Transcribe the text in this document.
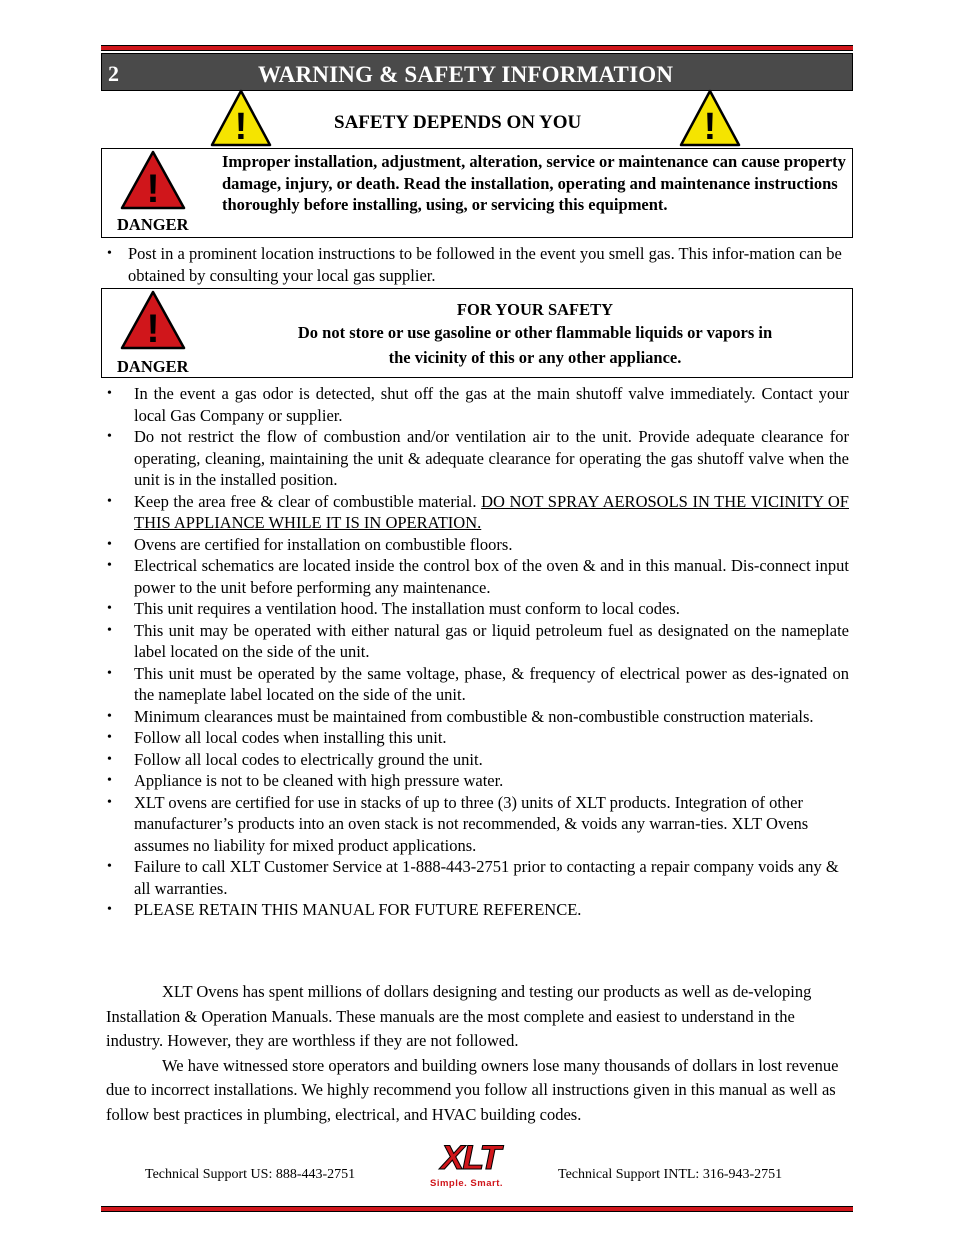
2	WARNING & SAFETY INFORMATION
!	SAFETY DEPENDS ON YOU	!
!
DANGER
Improper installation, adjustment, alteration, service or maintenance can cause property damage, injury, or death. Read the installation, operating and maintenance instructions thoroughly before installing, using, or servicing this equipment.
• Post in a prominent location instructions to be followed in the event you smell gas. This infor-mation can be obtained by consulting your local gas supplier.
!
DANGER
FOR YOUR SAFETY
Do not store or use gasoline or other flammable liquids or vapors in
the vicinity of this or any other appliance.
• In the event a gas odor is detected, shut off the gas at the main shutoff valve immediately. Contact your local Gas Company or supplier.
• Do not restrict the flow of combustion and/or ventilation air to the unit. Provide adequate clearance for operating, cleaning, maintaining the unit & adequate clearance for operating the gas shutoff valve when the unit is in the installed position.
• Keep the area free & clear of combustible material. DO NOT SPRAY AEROSOLS IN THE VICINITY OF THIS APPLIANCE WHILE IT IS IN OPERATION.
• Ovens are certified for installation on combustible floors.
• Electrical schematics are located inside the control box of the oven & and in this manual. Dis-connect input power to the unit before performing any maintenance.
• This unit requires a ventilation hood. The installation must conform to local codes.
• This unit may be operated with either natural gas or liquid petroleum fuel as designated on the nameplate label located on the side of the unit.
• This unit must be operated by the same voltage, phase, & frequency of electrical power as des-ignated on the nameplate label located on the side of the unit.
• Minimum clearances must be maintained from combustible & non-combustible construction materials.
• Follow all local codes when installing this unit.
• Follow all local codes to electrically ground the unit.
• Appliance is not to be cleaned with high pressure water.
• XLT ovens are certified for use in stacks of up to three (3) units of XLT products. Integration of other manufacturer’s products into an oven stack is not recommended, & voids any warran-ties. XLT Ovens assumes no liability for mixed product applications.
• Failure to call XLT Customer Service at 1-888-443-2751 prior to contacting a repair company voids any & all warranties.
• PLEASE RETAIN THIS MANUAL FOR FUTURE REFERENCE.

XLT Ovens has spent millions of dollars designing and testing our products as well as de-veloping Installation & Operation Manuals. These manuals are the most complete and easiest to understand in the industry. However, they are worthless if they are not followed.

We have witnessed store operators and building owners lose many thousands of dollars in lost revenue due to incorrect installations. We highly recommend you follow all instructions given in this manual as well as follow best practices in plumbing, electrical, and HVAC building codes.

Technical Support US: 888-443-2751	XLT
Simple. Smart.
Technical Support INTL: 316-943-2751
